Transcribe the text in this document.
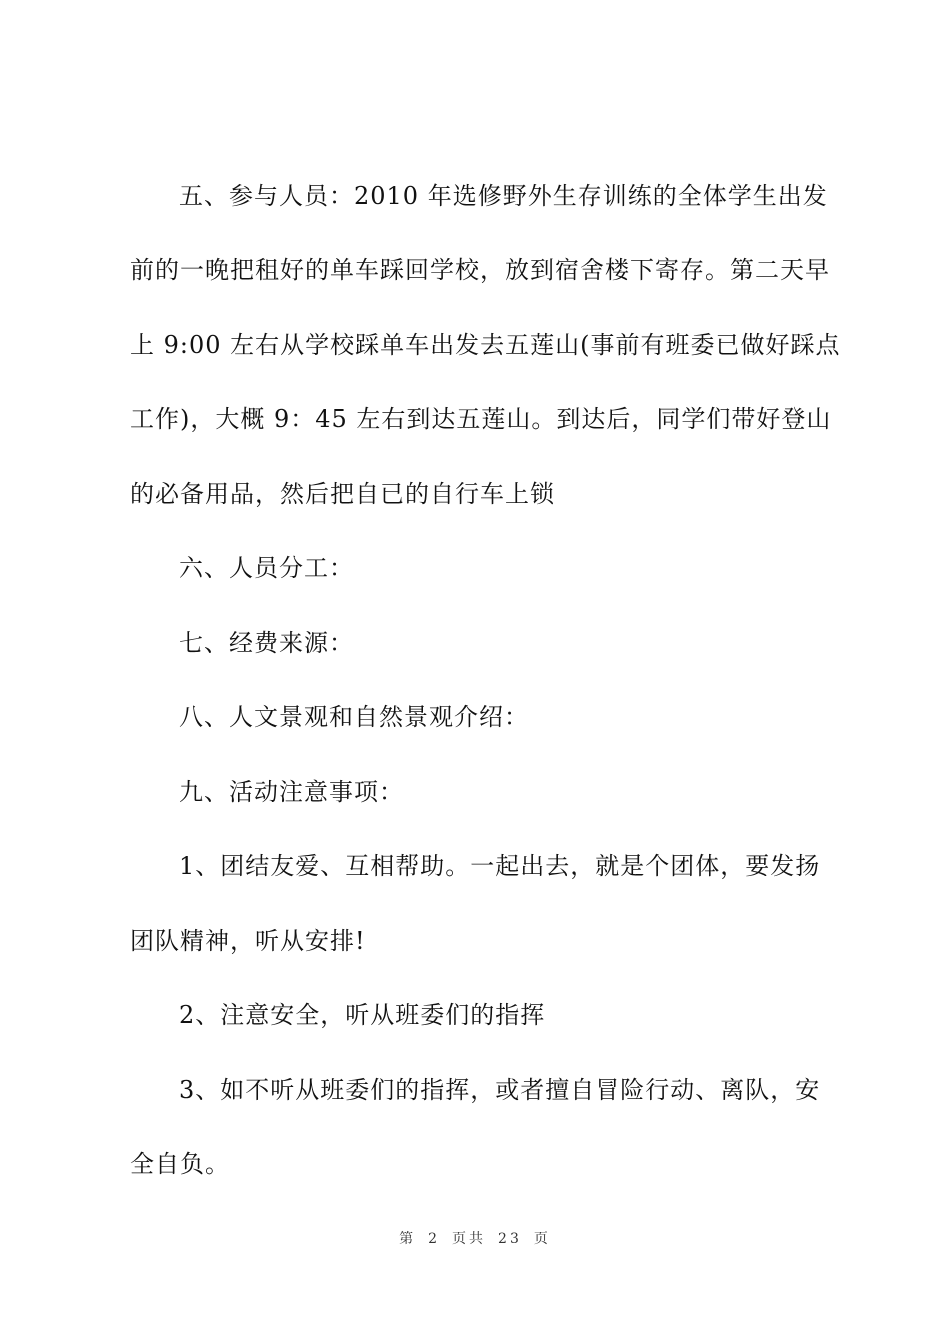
五、参与人员：2010 年选修野外生存训练的全体学生出发
前的一晚把租好的单车踩回学校，放到宿舍楼下寄存。第二天早
上 9:00 左右从学校踩单车出发去五莲山(事前有班委已做好踩点
工作)，大概 9：45 左右到达五莲山。到达后，同学们带好登山
的必备用品，然后把自已的自行车上锁
六、人员分工：
七、经费来源：
八、人文景观和自然景观介绍：
九、活动注意事项：
1、团结友爱、互相帮助。一起出去，就是个团体，要发扬
团队精神，听从安排!
2、注意安全，听从班委们的指挥
3、如不听从班委们的指挥，或者擅自冒险行动、离队，安
全自负。
第 2 页共 23 页
